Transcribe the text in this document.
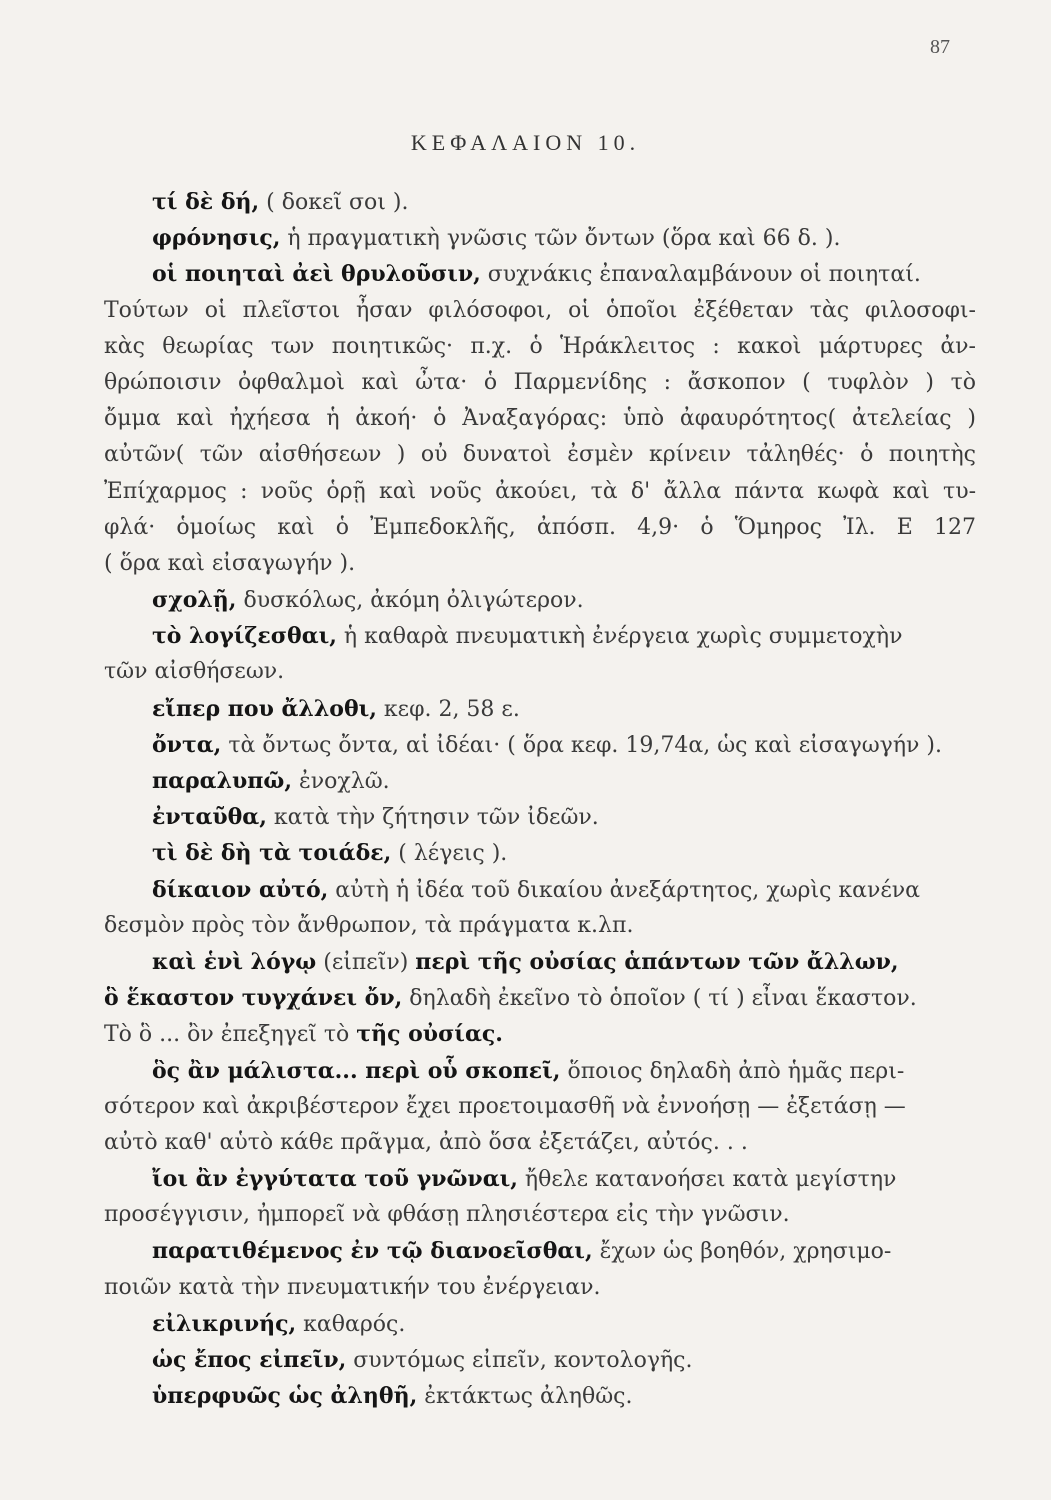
87
ΚΕΦΑΛΑΙΟΝ 10.
τί δὲ δή, ( δοκεῖ σοι ).
φρόνησις, ἡ πραγματικὴ γνῶσις τῶν ὄντων (ὅρα καὶ 66 δ. ).
οἱ ποιηταὶ ἀεὶ θρυλοῦσιν, συχνάκις ἐπαναλαμβάνουν οἱ ποιηταί.
Τούτων οἱ πλεῖστοι ἦσαν φιλόσοφοι, οἱ ὁποῖοι ἐξέθεταν τὰς φιλοσοφι-
κὰς θεωρίας των ποιητικῶς· π.χ. ὁ Ἡράκλειτος : κακοὶ μάρτυρες ἀν-
θρώποισιν ὀφθαλμοὶ καὶ ὦτα· ὁ Παρμενίδης : ἄσκοπον ( τυφλὸν ) τὸ
ὄμμα καὶ ἠχήεσα ἡ ἀκοή· ὁ Ἀναξαγόρας: ὑπὸ ἀφαυρότητος( ἀτελείας )
αὐτῶν( τῶν αἰσθήσεων ) οὐ δυνατοὶ ἐσμὲν κρίνειν τἀληθές· ὁ ποιητὴς
Ἐπίχαρμος : νοῦς ὁρῇ καὶ νοῦς ἀκούει, τὰ δ' ἄλλα πάντα κωφὰ καὶ τυ-
φλά· ὁμοίως καὶ ὁ Ἐμπεδοκλῆς, ἀπόσπ. 4,9· ὁ Ὅμηρος Ἰλ. Ε 127
( ὅρα καὶ εἰσαγωγήν ).
σχολῇ, δυσκόλως, ἀκόμη ὀλιγώτερον.
τὸ λογίζεσθαι, ἡ καθαρὰ πνευματικὴ ἐνέργεια χωρὶς συμμετοχὴν
τῶν αἰσθήσεων.
εἴπερ που ἄλλοθι, κεφ. 2, 58 ε.
ὄντα, τὰ ὄντως ὄντα, αἱ ἰδέαι· ( ὅρα κεφ. 19,74α, ὡς καὶ εἰσαγωγήν ).
παραλυπῶ, ἐνοχλῶ.
ἐνταῦθα, κατὰ τὴν ζήτησιν τῶν ἰδεῶν.
τὶ δὲ δὴ τὰ τοιάδε, ( λέγεις ).
δίκαιον αὐτό, αὐτὴ ἡ ἰδέα τοῦ δικαίου ἀνεξάρτητος, χωρὶς κανένα
δεσμὸν πρὸς τὸν ἄνθρωπον, τὰ πράγματα κ.λπ.
καὶ ἑνὶ λόγῳ (εἰπεῖν) περὶ τῆς οὐσίας ἁπάντων τῶν ἄλλων,
ὃ ἕκαστον τυγχάνει ὄν, δηλαδὴ ἐκεῖνο τὸ ὁποῖον ( τί ) εἶναι ἕκαστον.
Τὸ ὃ ... ὂν ἐπεξηγεῖ τὸ τῆς οὐσίας.
ὃς ἂν μάλιστα... περὶ οὗ σκοπεῖ, ὅποιος δηλαδὴ ἀπὸ ἡμᾶς περι-
σότερον καὶ ἀκριβέστερον ἔχει προετοιμασθῆ νὰ ἐννοήσῃ — ἐξετάσῃ —
αὐτὸ καθ' αὑτὸ κάθε πρᾶγμα, ἀπὸ ὅσα ἐξετάζει, αὐτός. . .
ἴοι ἂν ἐγγύτατα τοῦ γνῶναι, ἤθελε κατανοήσει κατὰ μεγίστην
προσέγγισιν, ἠμπορεῖ νὰ φθάσῃ πλησιέστερα εἰς τὴν γνῶσιν.
παρατιθέμενος ἐν τῷ διανοεῖσθαι, ἔχων ὡς βοηθόν, χρησιμο-
ποιῶν κατὰ τὴν πνευματικήν του ἐνέργειαν.
εἰλικρινής, καθαρός.
ὡς ἔπος εἰπεῖν, συντόμως εἰπεῖν, κοντολογῆς.
ὑπερφυῶς ὡς ἀληθῆ, ἐκτάκτως ἀληθῶς.
